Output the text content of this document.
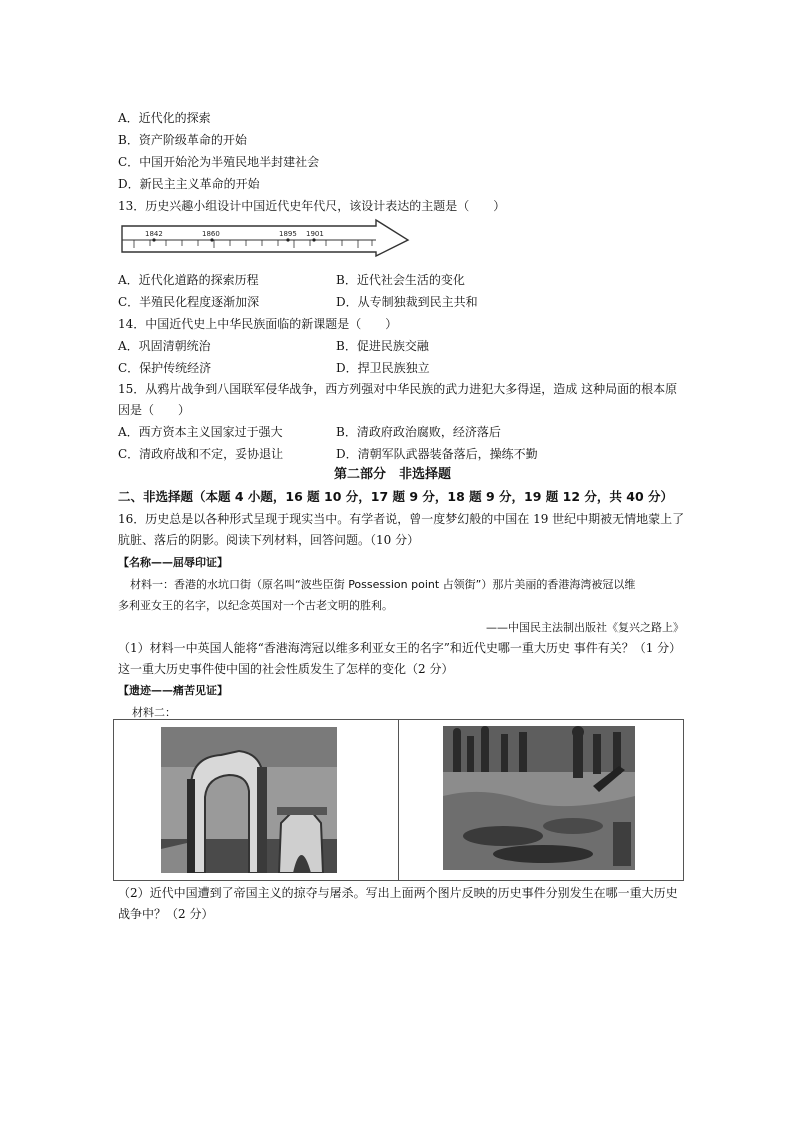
A．近代化的探索
B．资产阶级革命的开始
C．中国开始沦为半殖民地半封建社会
D．新民主主义革命的开始
13．历史兴趣小组设计中国近代史年代尺，该设计表达的主题是（　　）
1842	1860	1895 1901
A．近代化道路的探索历程	B．近代社会生活的变化
C．半殖民化程度逐渐加深	D．从专制独裁到民主共和
14．中国近代史上中华民族面临的新课题是（　　）
A．巩固清朝统治	B．促进民族交融
C．保护传统经济	D．捍卫民族独立
15．从鸦片战争到八国联军侵华战争，西方列强对中华民族的武力进犯大多得逞，造成 这种局面的根本原
因是（　　）
A．西方资本主义国家过于强大	B．清政府政治腐败，经济落后
C．清政府战和不定，妥协退让	D．清朝军队武器装备落后，操练不勤
第二部分　非选择题
二、非选择题（本题 4 小题，16 题 10 分，17 题 9 分，18 题 9 分，19 题 12 分，共 40 分）
16．历史总是以各种形式呈现于现实当中。有学者说，曾一度梦幻般的中国在 19 世纪中期被无情地蒙上了
肮脏、落后的阴影。阅读下列材料，回答问题。（10 分）
【名称——屈辱印证】
材料一：香港的水坑口街（原名叫“波些臣街 Possession point 占领街”）那片美丽的香港海湾被冠以维
多利亚女王的名字，以纪念英国对一个古老文明的胜利。
——中国民主法制出版社《复兴之路上》
（1）材料一中英国人能将“香港海湾冠以维多利亚女王的名字”和近代史哪一重大历史 事件有关？（1 分）
这一重大历史事件使中国的社会性质发生了怎样的变化（2 分）
【遗迹——痛苦见证】
材料二：
（2）近代中国遭到了帝国主义的掠夺与屠杀。写出上面两个图片反映的历史事件分别发生在哪一重大历史
战争中？（2 分）
